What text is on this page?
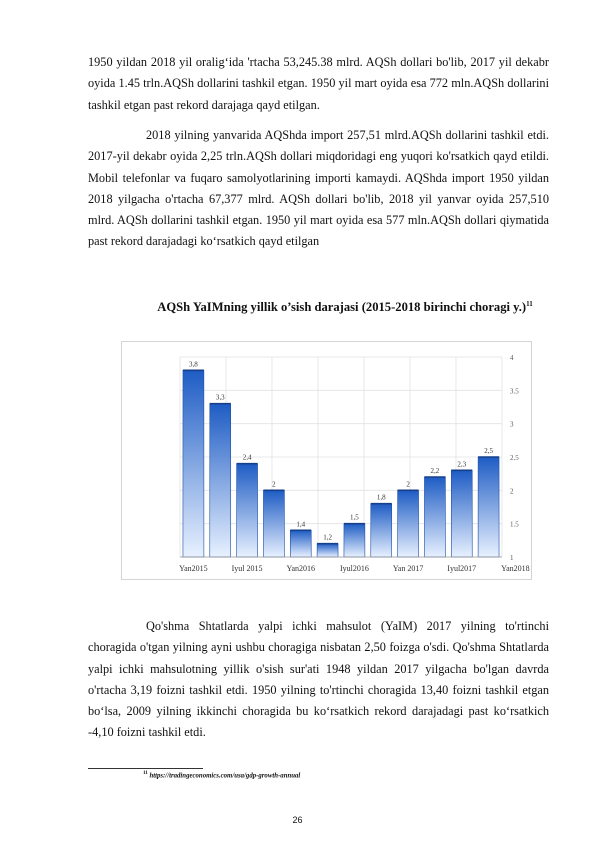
1950 yildan 2018 yil oralig‘ida 'rtacha 53,245.38 mlrd. AQSh dollari bo'lib, 2017 yil dekabr oyida 1.45 trln.AQSh dollarini tashkil etgan. 1950 yil mart oyida esa 772 mln.AQSh dollarini tashkil etgan past rekord darajaga qayd etilgan.

2018 yilning yanvarida AQShda import 257,51 mlrd.AQSh dollarini tashkil etdi. 2017-yil dekabr oyida 2,25 trln.AQSh dollari miqdoridagi eng yuqori ko'rsatkich qayd etildi. Mobil telefonlar va fuqaro samolyotlarining importi kamaydi. AQShda import 1950 yildan 2018 yilgacha o'rtacha 67,377 mlrd. AQSh dollari bo'lib, 2018 yil yanvar oyida 257,510 mlrd. AQSh dollarini tashkil etgan. 1950 yil mart oyida esa 577 mln.AQSh dollari qiymatida past rekord darajadagi ko‘rsatkich qayd etilgan

AQSh YaIMning yillik o’sish darajasi (2015-2018 birinchi choragi y.)$^{11}$
3,8
3,3
2,4
2
1,4
1,2
1,5
1,8
2
2,2
2,3
2,5
1
1.5
2
2.5
3
3.5
4
Yan2015	Iyul 2015	Yan2016	Iyul2016	Yan 2017	Iyul2017	Yan2018

Qo'shma Shtatlarda yalpi ichki mahsulot (YaIM) 2017 yilning to'rtinchi choragida o'tgan yilning ayni ushbu choragiga nisbatan 2,50 foizga o'sdi. Qo'shma Shtatlarda yalpi ichki mahsulotning yillik o'sish sur'ati 1948 yildan 2017 yilgacha bo'lgan davrda o'rtacha 3,19 foizni tashkil etdi. 1950 yilning to'rtinchi choragida 13,40 foizni tashkil etgan bo‘lsa, 2009 yilning ikkinchi choragida bu ko‘rsatkich rekord darajadagi past ko‘rsatkich -4,10 foizni tashkil etdi.

$^{11}$ https://tradingeconomics.com/usa/gdp-growth-annual
26
